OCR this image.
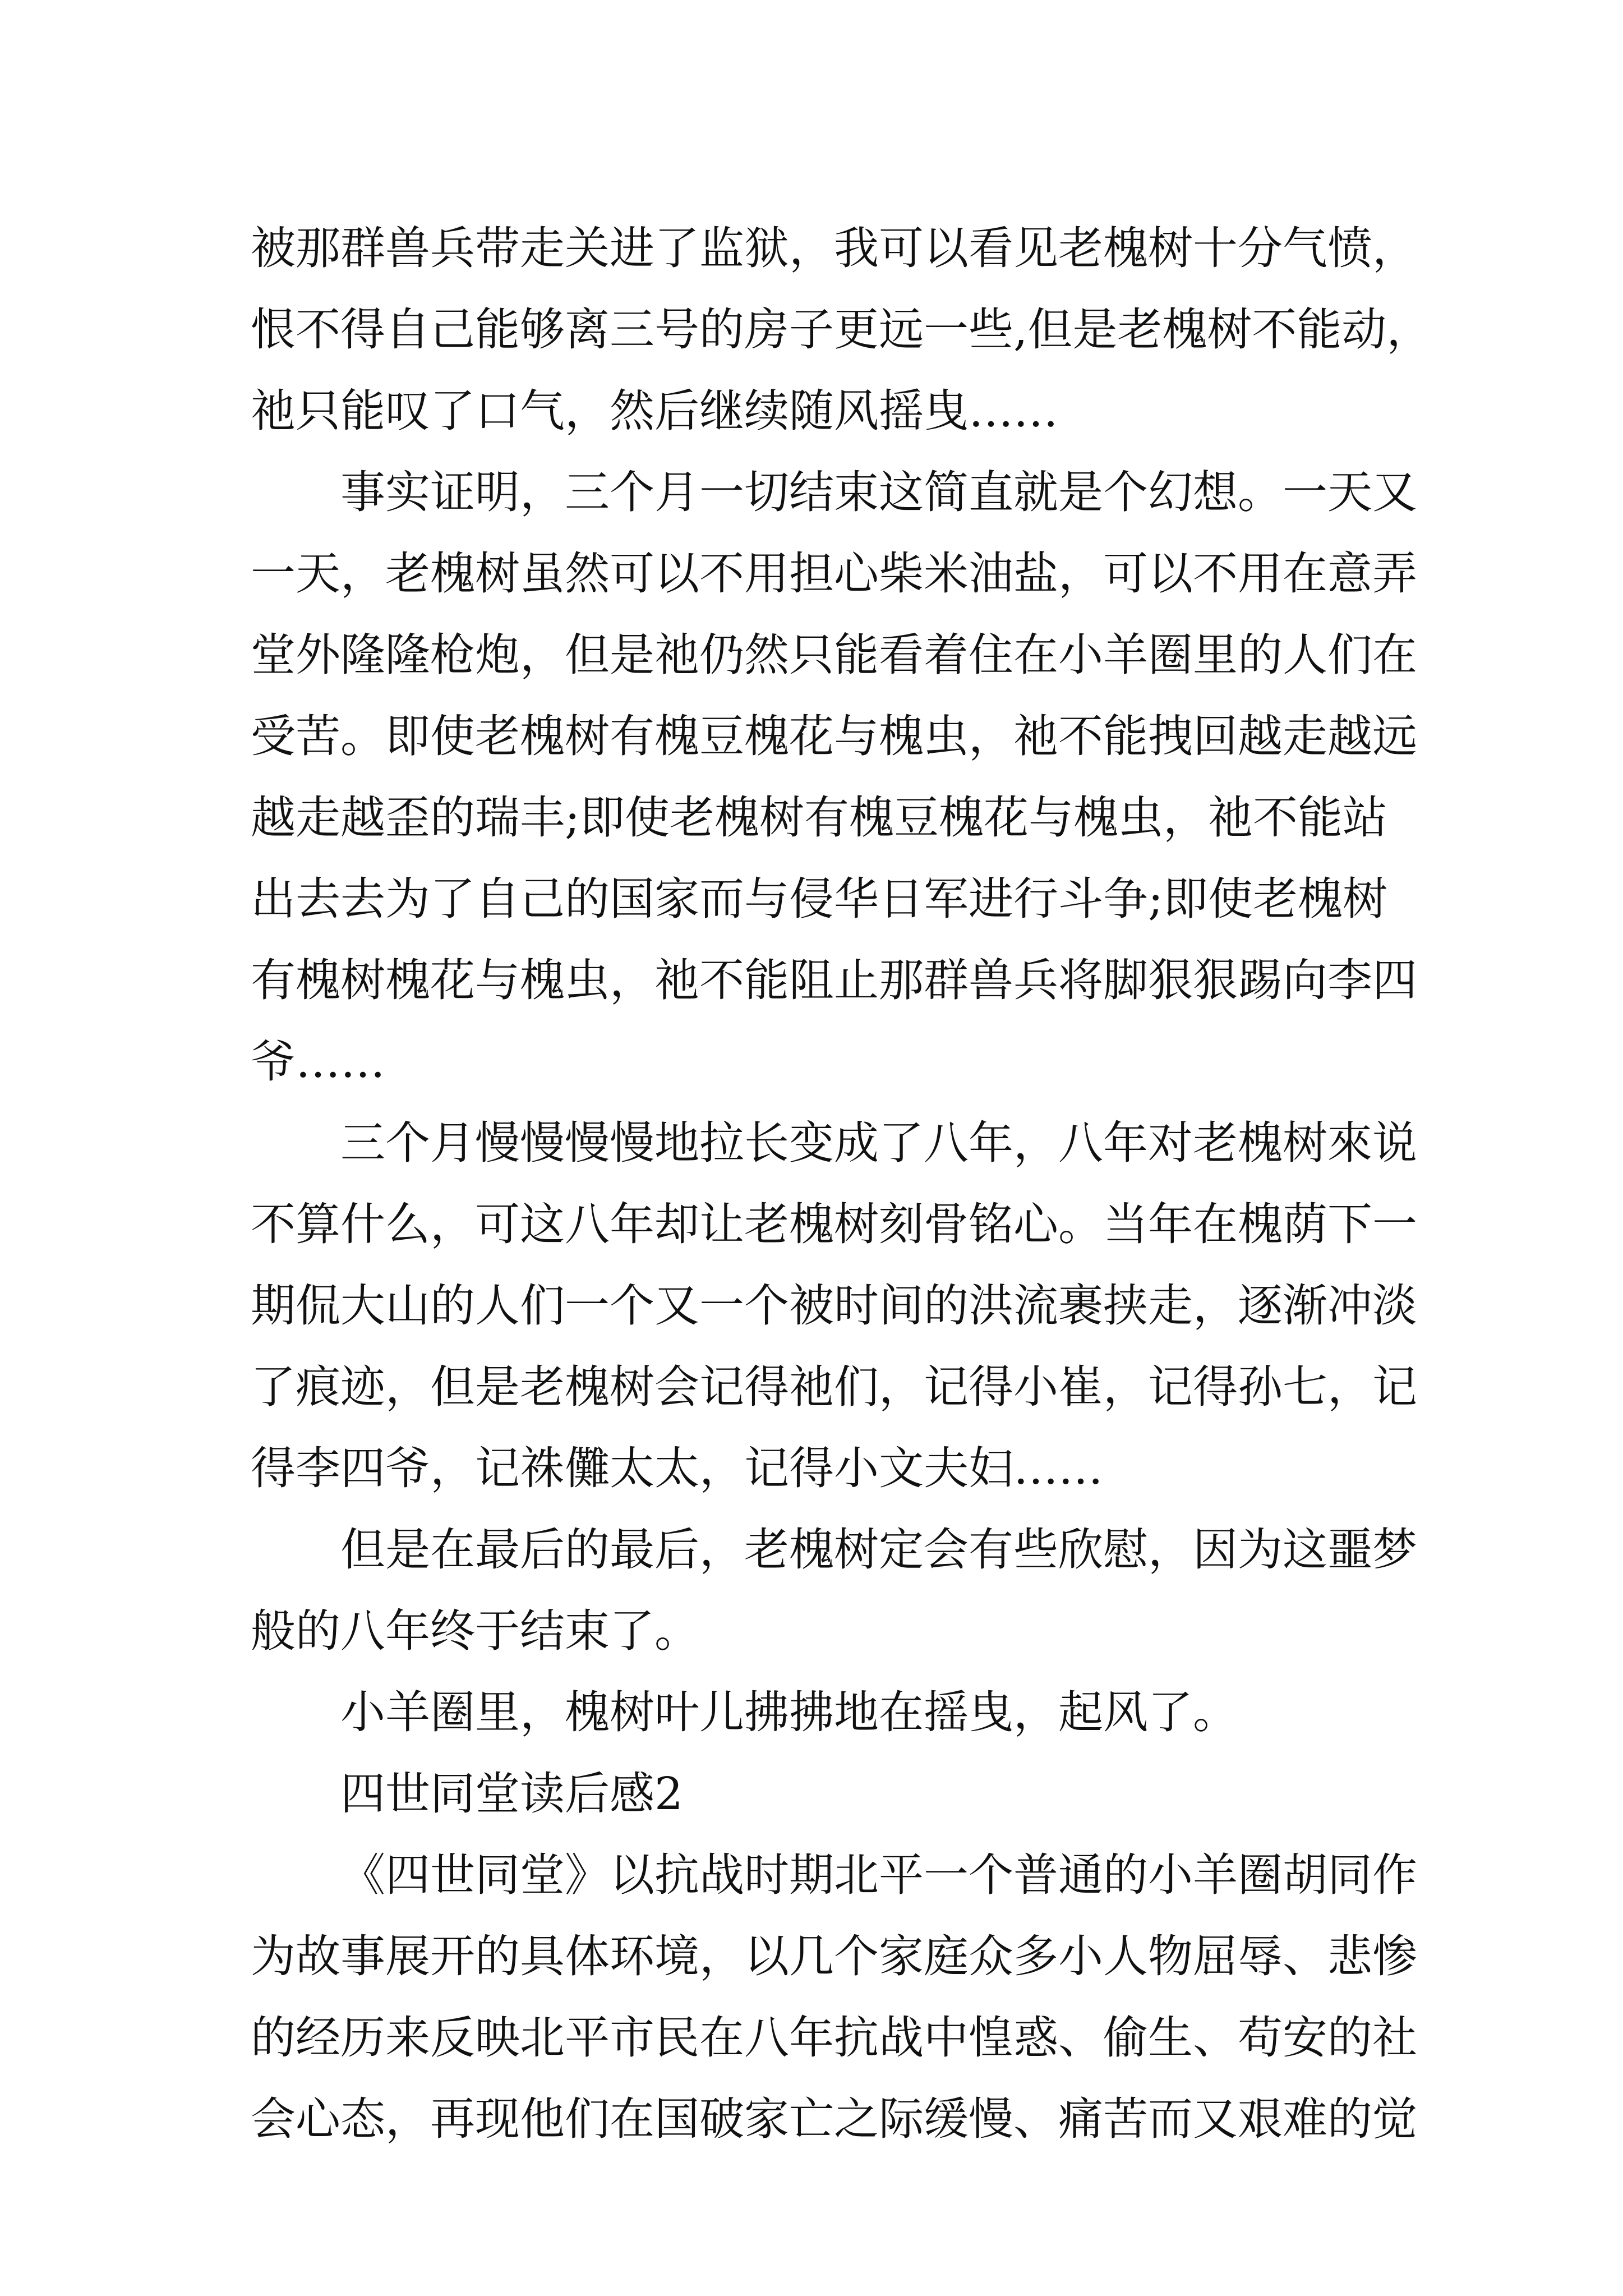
被那群兽兵带走关进了监狱，我可以看见老槐树十分气愤，
恨不得自己能够离三号的房子更远一些,但是老槐树不能动，
祂只能叹了口气，然后继续随风摇曳……
事实证明，三个月一切结束这简直就是个幻想。一天又
一天，老槐树虽然可以不用担心柴米油盐，可以不用在意弄
堂外隆隆枪炮，但是祂仍然只能看着住在小羊圈里的人们在
受苦。即使老槐树有槐豆槐花与槐虫，祂不能拽回越走越远
越走越歪的瑞丰;即使老槐树有槐豆槐花与槐虫，祂不能站
出去去为了自己的国家而与侵华日军进行斗争;即使老槐树
有槐树槐花与槐虫，祂不能阻止那群兽兵将脚狠狠踢向李四
爷……
三个月慢慢慢慢地拉长变成了八年，八年对老槐树來说
不算什么，可这八年却让老槐树刻骨铭心。当年在槐荫下一
期侃大山的人们一个又一个被时间的洪流裹挟走，逐渐冲淡
了痕迹，但是老槐树会记得祂们，记得小崔，记得孙七，记
得李四爷，记祩儺太太，记得小文夫妇……
但是在最后的最后，老槐树定会有些欣慰，因为这噩梦
般的八年终于结束了。
小羊圈里，槐树叶儿拂拂地在摇曳，起风了。
四世同堂读后感2
《四世同堂》以抗战时期北平一个普通的小羊圈胡同作
为故事展开的具体环境，以几个家庭众多小人物屈辱、悲惨
的经历来反映北平市民在八年抗战中惶惑、偷生、苟安的社
会心态，再现他们在国破家亡之际缓慢、痛苦而又艰难的觉
